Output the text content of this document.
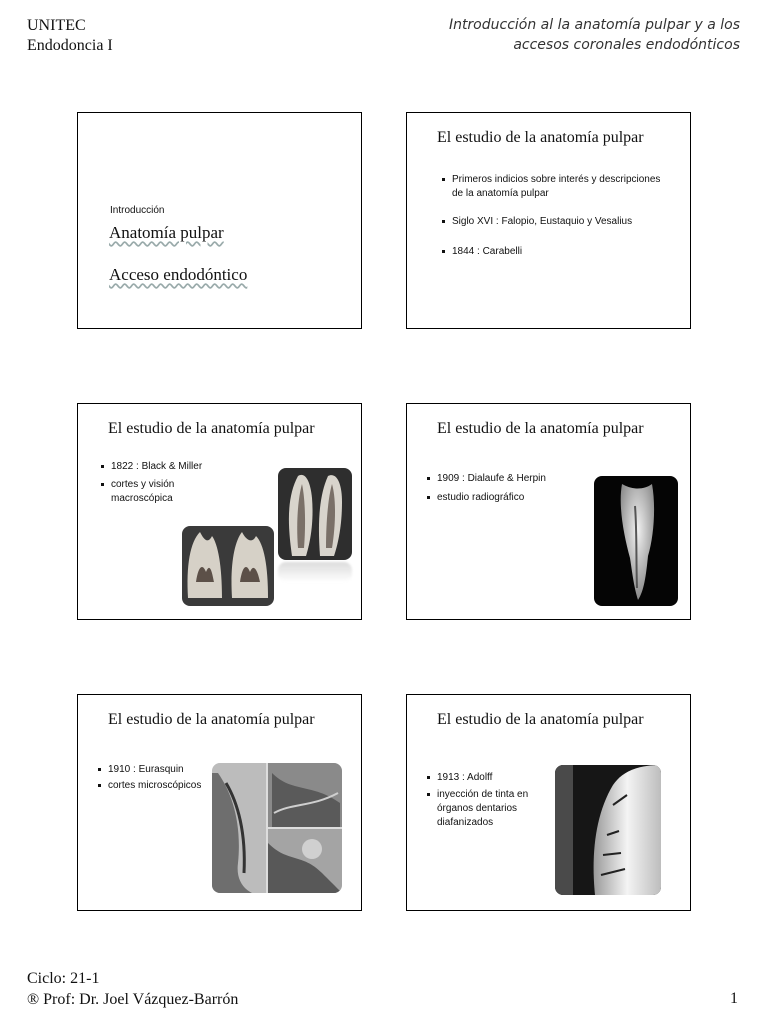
UNITEC
Endodoncia I
Introducción al la anatomía pulpar y a los
accesos coronales endodónticos
Introducción
Anatomía pulpar
Acceso endodóntico
El estudio de la anatomía pulpar
Primeros indicios sobre interés y descripciones de la anatomía pulpar
Siglo XVI : Falopio, Eustaquio y Vesalius
1844 : Carabelli
El estudio de la anatomía pulpar
1822 : Black & Miller
cortes y visión macroscópica
El estudio de la anatomía pulpar
1909 : Dialaufe & Herpin
estudio radiográfico
El estudio de la anatomía pulpar
1910 : Eurasquin
cortes microscópicos
El estudio de la anatomía pulpar
1913 : Adolff
inyección de tinta en órganos dentarios diafanizados
Ciclo: 21-1
® Prof: Dr. Joel Vázquez-Barrón	1
